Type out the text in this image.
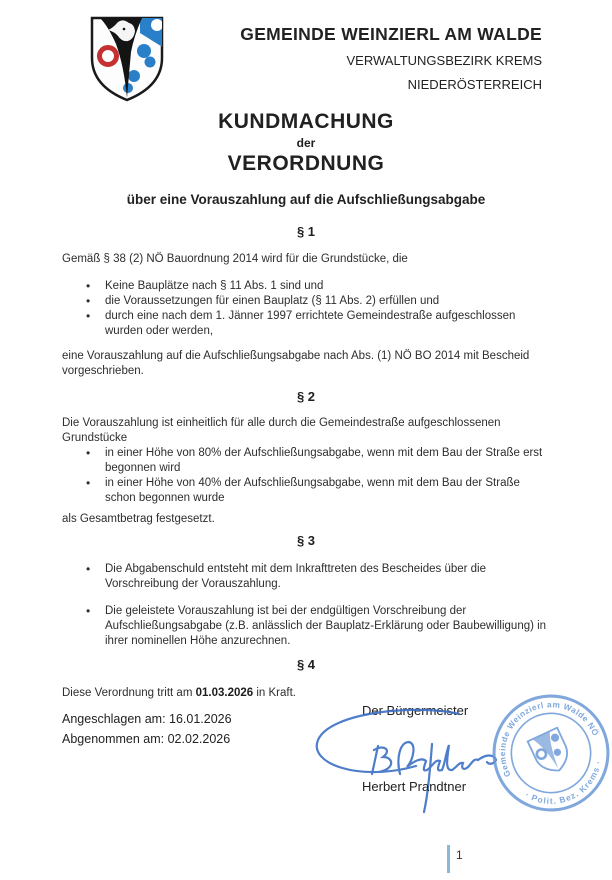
GEMEINDE WEINZIERL AM WALDE
VERWALTUNGSBEZIRK KREMS
NIEDERÖSTERREICH
KUNDMACHUNG
der
VERORDNUNG
über eine Vorauszahlung auf die Aufschließungsabgabe
§ 1

Gemäß § 38 (2) NÖ Bauordnung 2014 wird für die Grundstücke, die

• Keine Bauplätze nach § 11 Abs. 1 sind und
• die Voraussetzungen für einen Bauplatz (§ 11 Abs. 2) erfüllen und
• durch eine nach dem 1. Jänner 1997 errichtete Gemeindestraße aufgeschlossen wurden oder werden,

eine Vorauszahlung auf die Aufschließungsabgabe nach Abs. (1) NÖ BO 2014 mit Bescheid vorgeschrieben.

§ 2

Die Vorauszahlung ist einheitlich für alle durch die Gemeindestraße aufgeschlossenen Grundstücke

• in einer Höhe von 80% der Aufschließungsabgabe, wenn mit dem Bau der Straße erst begonnen wird
• in einer Höhe von 40% der Aufschließungsabgabe, wenn mit dem Bau der Straße schon begonnen wurde

als Gesamtbetrag festgesetzt.

§ 3
• Die Abgabenschuld entsteht mit dem Inkrafttreten des Bescheides über die Vorschreibung der Vorauszahlung.
• Die geleistete Vorauszahlung ist bei der endgültigen Vorschreibung der Aufschließungsabgabe (z.B. anlässlich der Bauplatz-Erklärung oder Baubewilligung) in ihrer nominellen Höhe anzurechnen.
§ 4

Diese Verordnung tritt am 01.03.2026 in Kraft.

Angeschlagen am: 16.01.2026
Abgenommen am: 02.02.2026
Der Bürgermeister
Herbert Prandtner
Gemeinde Weinzierl am Walde NÖ
· Polit. Bez. Krems ·
1
